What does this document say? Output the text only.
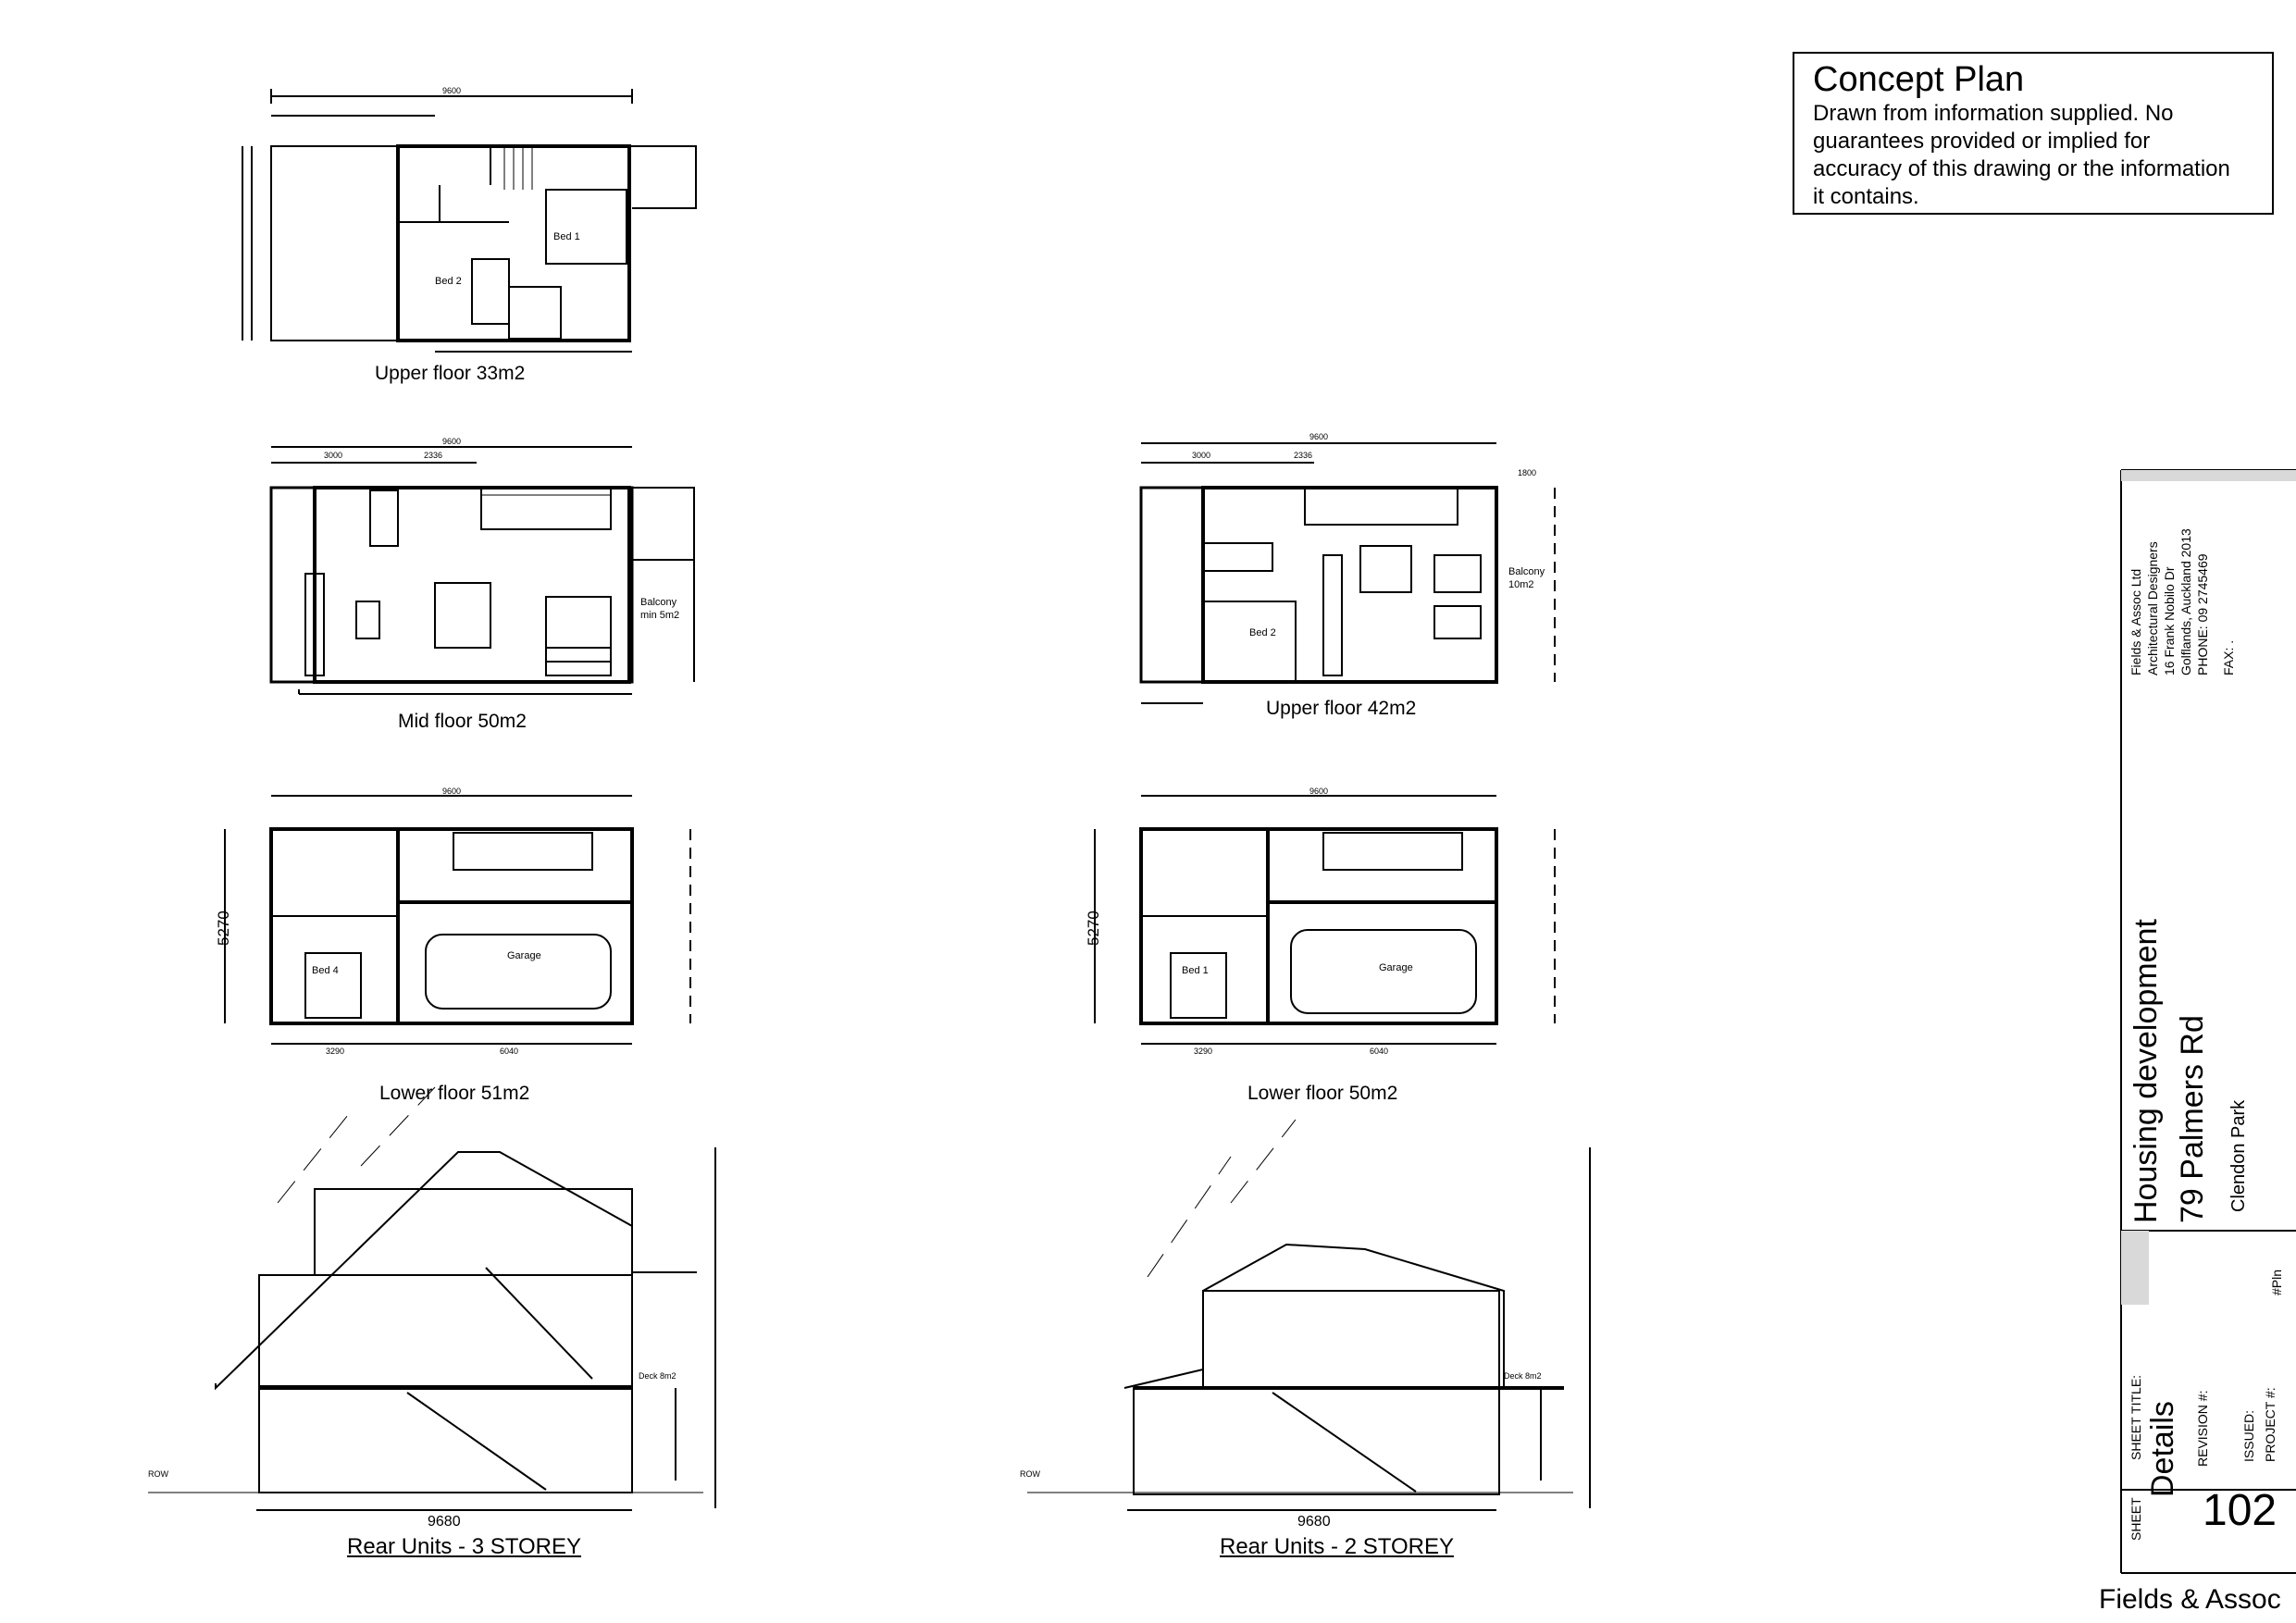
Concept Plan
Drawn from information supplied. No
guarantees provided or implied for
accuracy of this drawing or the information
it contains.
Upper floor 33m2
Mid floor 50m2
Upper floor 42m2
Lower floor 51m2	Lower floor 50m2
Rear Units - 3 STOREY	Rear Units - 2 STOREY
Bed 1
Bed 2
Balcony
min 5m2
Bed 2
Balcony
10m2
Bed 4
Garage
Bed 1	Garage
Deck 8m2	Deck 8m2
ROW	ROW
9600
9600
3000	2336
9600
3000	2336
1800
9600	9600
3290	6040	3290	6040
9680	9680
5270	5270
Fields & Assoc Ltd Architectural Designers 16 Frank Nobilo Dr Golflands, Auckland 2013 PHONE: 09 2745469 FAX: .
Housing development 79 Palmers Rd Clendon Park
SHEET TITLE: Details REVISION #: ISSUED: PROJECT #:
#Pln
SHEET 102
Fields & Assoc
